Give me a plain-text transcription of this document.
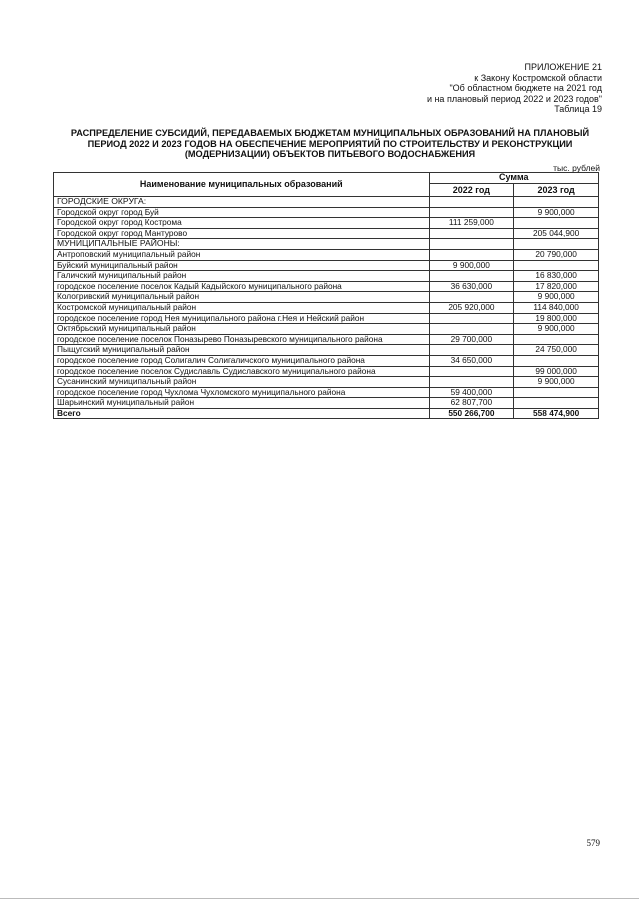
ПРИЛОЖЕНИЕ 21
к Закону Костромской области
"Об областном бюджете на 2021 год
и на плановый период 2022 и 2023 годов"
Таблица 19
РАСПРЕДЕЛЕНИЕ СУБСИДИЙ, ПЕРЕДАВАЕМЫХ БЮДЖЕТАМ МУНИЦИПАЛЬНЫХ ОБРАЗОВАНИЙ НА ПЛАНОВЫЙ ПЕРИОД 2022 И 2023 ГОДОВ НА ОБЕСПЕЧЕНИЕ МЕРОПРИЯТИЙ ПО СТРОИТЕЛЬСТВУ И РЕКОНСТРУКЦИИ (МОДЕРНИЗАЦИИ) ОБЪЕКТОВ ПИТЬЕВОГО ВОДОСНАБЖЕНИЯ
тыс. рублей
Наименование муниципальных образований	Сумма	
	2022 год	2023 год
ГОРОДСКИЕ ОКРУГА:		
Городской округ город Буй		9 900,000
Городской округ город Кострома	111 259,000	
Городской округ город Мантурово		205 044,900
МУНИЦИПАЛЬНЫЕ РАЙОНЫ:		
Антроповский муниципальный район		20 790,000
Буйский муниципальный район	9 900,000	
Галичский муниципальный район		16 830,000
городское поселение поселок Кадый Кадыйского муниципального района	36 630,000	17 820,000
Кологривский муниципальный район		9 900,000
Костромской муниципальный район	205 920,000	114 840,000
городское поселение город Нея муниципального района г.Нея и Нейский район		19 800,000
Октябрьский муниципальный район		9 900,000
городское поселение поселок Поназырево Поназыревского муниципального района	29 700,000	
Пыщугский муниципальный район		24 750,000
городское поселение город Солигалич Солигаличского муниципального района	34 650,000	
городское поселение поселок Судиславль Судиславского муниципального района		99 000,000
Сусанинский муниципальный район		9 900,000
городское поселение город Чухлома Чухломского муниципального района	59 400,000	
Шарьинский муниципальный район	62 807,700	
Всего	550 266,700	558 474,900
579
